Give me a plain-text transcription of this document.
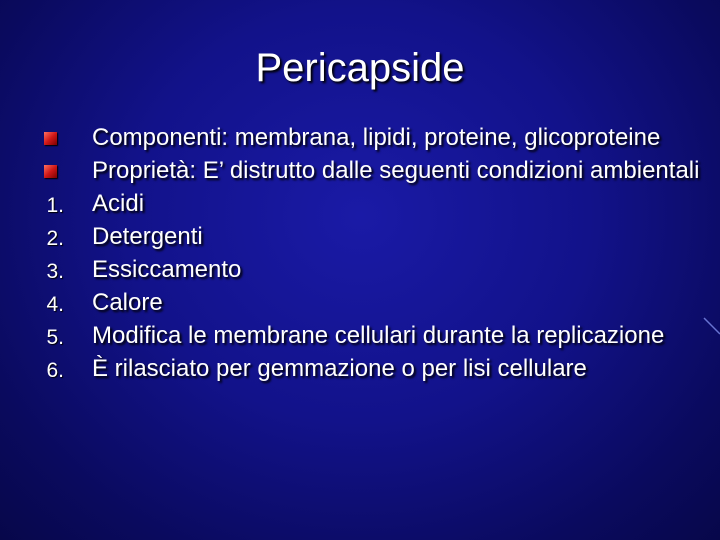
Pericapside
Componenti: membrana, lipidi, proteine, glicoproteine
Proprietà: E’ distrutto dalle seguenti condizioni ambientali
1. Acidi
2. Detergenti
3. Essiccamento
4. Calore
5. Modifica le membrane cellulari durante la replicazione
6. È rilasciato per gemmazione o per lisi cellulare
